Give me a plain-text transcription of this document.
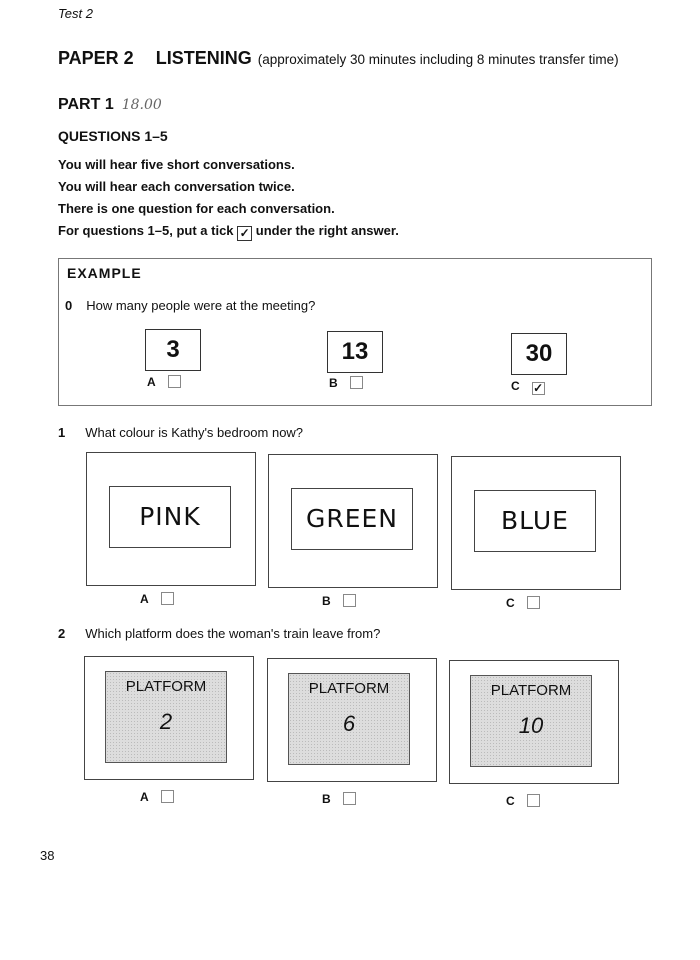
Test 2
PAPER 2 LISTENING (approximately 30 minutes including 8 minutes transfer time)
PART 1 18.00
QUESTIONS 1–5
You will hear five short conversations.
You will hear each conversation twice.
There is one question for each conversation.
For questions 1–5, put a tick ✓ under the right answer.
EXAMPLE
0 How many people were at the meeting?
3	13	30
A	B	C ✓
1 What colour is Kathy's bedroom now?
PINK	GREEN	BLUE
A	B	C
2 Which platform does the woman's train leave from?
PLATFORM
2
PLATFORM
6
PLATFORM
10
A	B	C
38
